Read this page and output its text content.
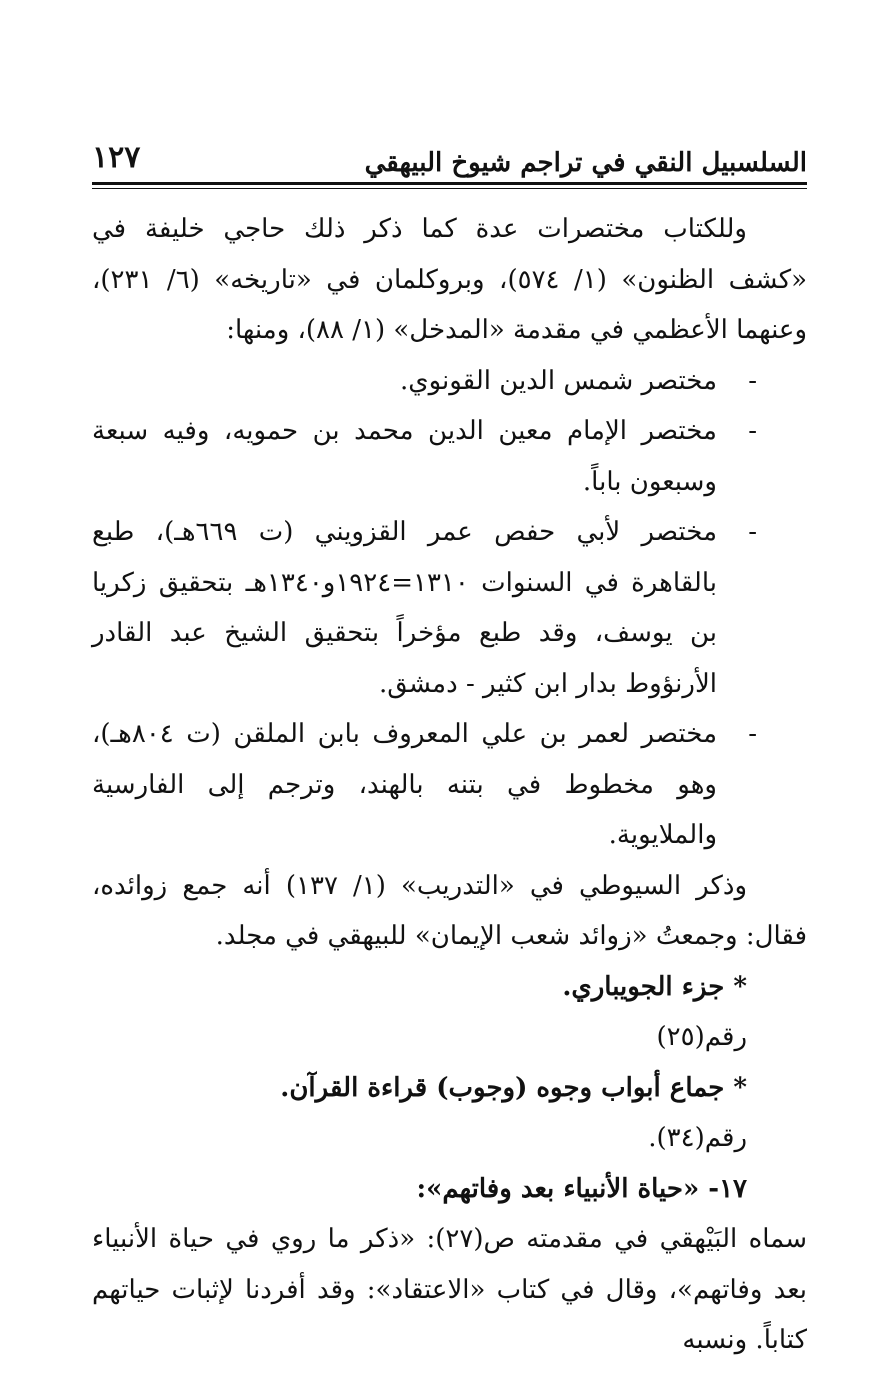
السلسبيل النقي في تراجم شيوخ البيهقي
١٢٧

وللكتاب مختصرات عدة كما ذكر ذلك حاجي خليفة في «كشف الظنون» (١/ ٥٧٤)، وبروكلمان في «تاريخه» (٦/ ٢٣١)، وعنهما الأعظمي في مقدمة «المدخل» (١/ ٨٨)، ومنها:

-
مختصر شمس الدين القونوي.

-
مختصر الإمام معين الدين محمد بن حمويه، وفيه سبعة وسبعون باباً.

-
مختصر لأبي حفص عمر القزويني (ت ٦٦٩هـ)، طبع بالقاهرة في السنوات ١٣١٠=١٩٢٤و١٣٤٠هـ بتحقيق زكريا بن يوسف، وقد طبع مؤخراً بتحقيق الشيخ عبد القادر الأرنؤوط بدار ابن كثير - دمشق.

-
مختصر لعمر بن علي المعروف بابن الملقن (ت ٨٠٤هـ)، وهو مخطوط في بتنه بالهند، وترجم إلى الفارسية والملايوية.

وذكر السيوطي في «التدريب» (١/ ١٣٧) أنه جمع زوائده، فقال: وجمعتُ «زوائد شعب الإيمان» للبيهقي في مجلد.

* جزء الجويباري.

رقم(٢٥)

* جماع أبواب وجوه (وجوب) قراءة القرآن.

رقم(٣٤).

١٧- «حياة الأنبياء بعد وفاتهم»:

سماه البَيْهقي في مقدمته ص(٢٧): «ذكر ما روي في حياة الأنبياء بعد وفاتهم»، وقال في كتاب «الاعتقاد»: وقد أفردنا لإثبات حياتهم كتاباً. ونسبه
